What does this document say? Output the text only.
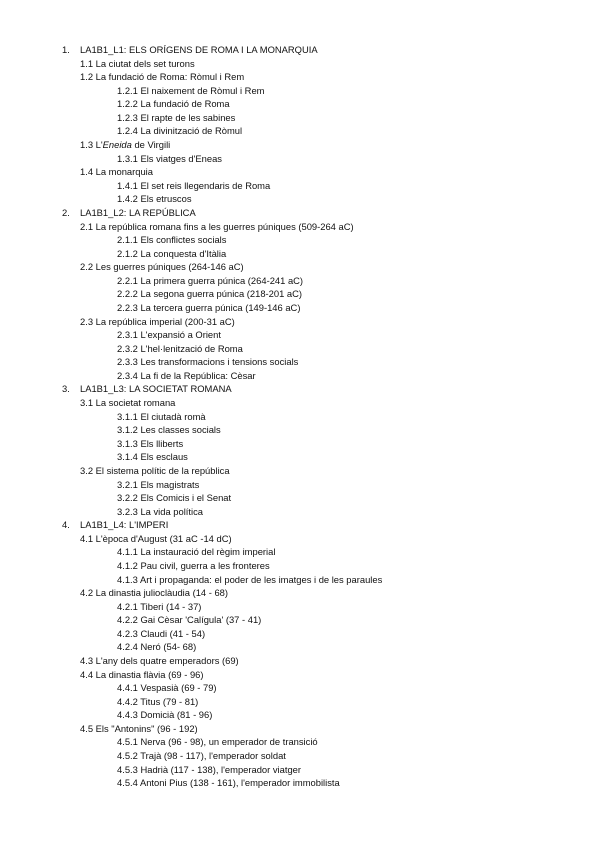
1. LA1B1_L1: ELS ORÍGENS DE ROMA I LA MONARQUIA
1.1 La ciutat dels set turons
1.2 La fundació de Roma: Ròmul i Rem
1.2.1 El naixement de Ròmul i Rem
1.2.2 La fundació de Roma
1.2.3 El rapte de les sabines
1.2.4 La divinització de Ròmul
1.3 L'Eneida de Virgili
1.3.1 Els viatges d'Eneas
1.4 La monarquia
1.4.1 El set reis llegendaris de Roma
1.4.2 Els etruscos
2. LA1B1_L2: LA REPÚBLICA
2.1 La república romana fins a les guerres púniques (509-264 aC)
2.1.1 Els conflictes socials
2.1.2 La conquesta d'Itàlia
2.2 Les guerres púniques (264-146 aC)
2.2.1 La primera guerra púnica (264-241 aC)
2.2.2 La segona guerra púnica (218-201 aC)
2.2.3 La tercera guerra púnica (149-146 aC)
2.3 La república imperial (200-31 aC)
2.3.1 L'expansió a Orient
2.3.2 L'hel·lenització de Roma
2.3.3 Les transformacions i tensions socials
2.3.4 La fi de la República: Cèsar
3. LA1B1_L3: LA SOCIETAT ROMANA
3.1 La societat romana
3.1.1 El ciutadà romà
3.1.2 Les classes socials
3.1.3 Els lliberts
3.1.4 Els esclaus
3.2 El sistema polític de la república
3.2.1 Els magistrats
3.2.2 Els Comicis i el Senat
3.2.3 La vida política
4. LA1B1_L4: L'IMPERI
4.1 L'època d'August (31 aC -14 dC)
4.1.1 La instauració del règim imperial
4.1.2 Pau civil, guerra a les fronteres
4.1.3 Art i propaganda: el poder de les imatges i de les paraules
4.2 La dinastia julioclàudia (14 - 68)
4.2.1 Tiberi (14 - 37)
4.2.2 Gai Cèsar 'Calígula' (37 - 41)
4.2.3 Claudi (41 - 54)
4.2.4 Neró (54- 68)
4.3 L'any dels quatre emperadors (69)
4.4 La dinastia flàvia (69 - 96)
4.4.1 Vespasià (69 - 79)
4.4.2 Titus (79 - 81)
4.4.3 Domicià (81 - 96)
4.5 Els "Antonins" (96 - 192)
4.5.1 Nerva (96 - 98), un emperador de transició
4.5.2 Trajà (98 - 117), l'emperador soldat
4.5.3 Hadrià (117 - 138), l'emperador viatger
4.5.4 Antoni Pius (138 - 161), l'emperador immobilista
